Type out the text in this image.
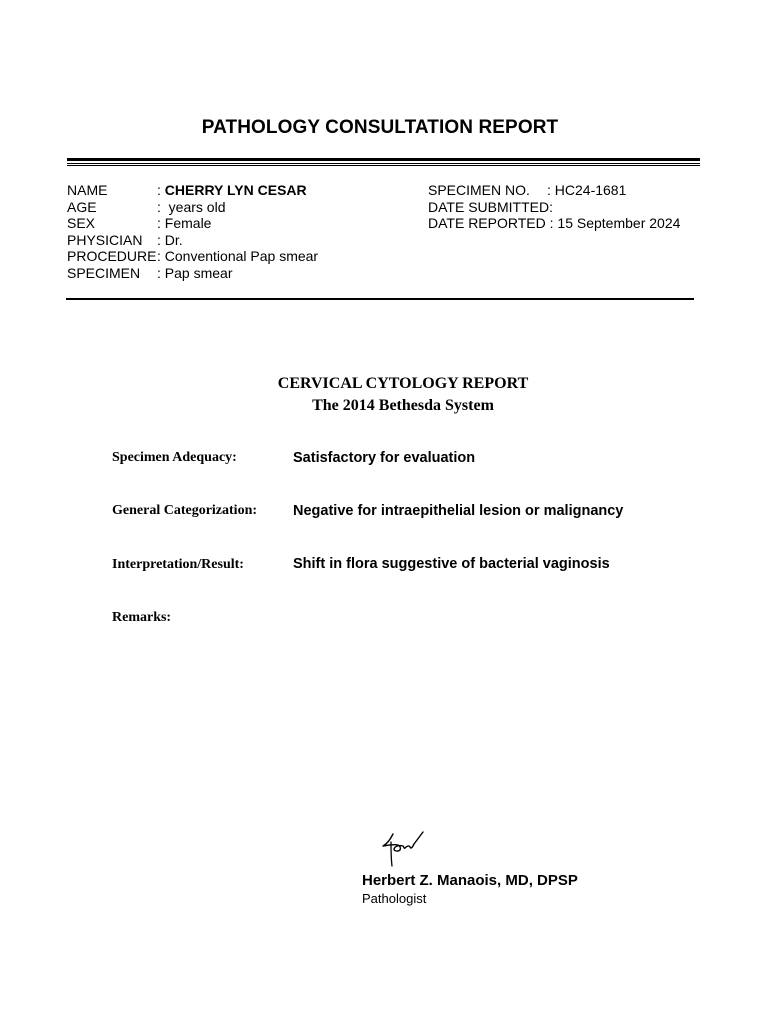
PATHOLOGY CONSULTATION REPORT
NAME	: CHERRY LYN CESAR
AGE	: years old
SEX	: Female
PHYSICIAN	: Dr.
PROCEDURE : Conventional Pap smear
SPECIMEN	: Pap smear
SPECIMEN NO.	: HC24-1681
DATE SUBMITTED:
DATE REPORTED : 15 September 2024
CERVICAL CYTOLOGY REPORT
The 2014 Bethesda System
Specimen Adequacy:	Satisfactory for evaluation
General Categorization: Negative for intraepithelial lesion or malignancy
Interpretation/Result:	Shift in flora suggestive of bacterial vaginosis
Remarks:
Herbert Z. Manaois, MD, DPSP
Pathologist
